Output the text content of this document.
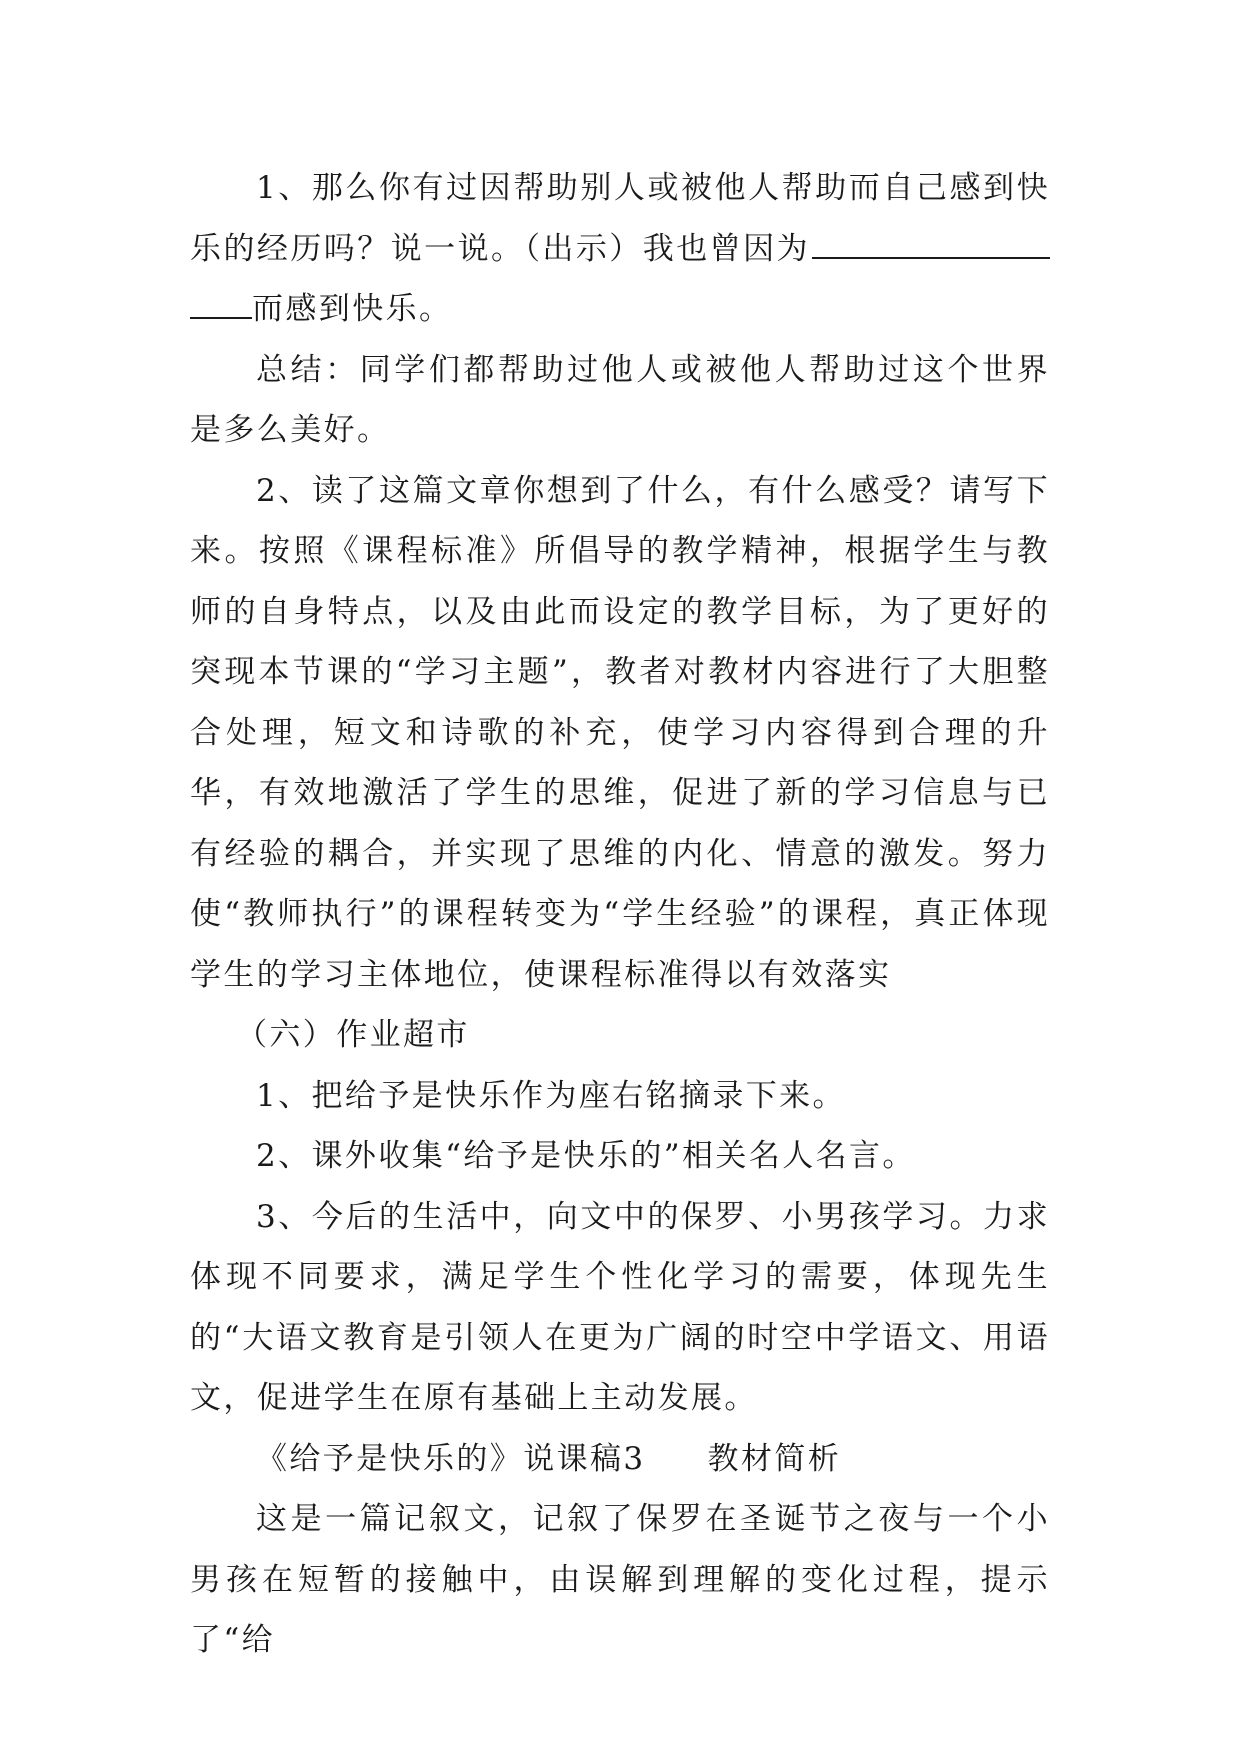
1、那么你有过因帮助别人或被他人帮助而自己感到快乐的经历吗？说一说。（出示）我也曾因为而感到快乐。

总结：同学们都帮助过他人或被他人帮助过这个世界是多么美好。

2、读了这篇文章你想到了什么，有什么感受？请写下来。按照《课程标准》所倡导的教学精神，根据学生与教师的自身特点，以及由此而设定的教学目标，为了更好的突现本节课的“学习主题”，教者对教材内容进行了大胆整合处理，短文和诗歌的补充，使学习内容得到合理的升华，有效地激活了学生的思维，促进了新的学习信息与已有经验的耦合，并实现了思维的内化、情意的激发。努力使“教师执行”的课程转变为“学生经验”的课程，真正体现学生的学习主体地位，使课程标准得以有效落实

（六）作业超市

1、把给予是快乐作为座右铭摘录下来。

2、课外收集“给予是快乐的”相关名人名言。

3、今后的生活中，向文中的保罗、小男孩学习。力求体现不同要求，满足学生个性化学习的需要，体现先生的“大语文教育是引领人在更为广阔的时空中学语文、用语文，促进学生在原有基础上主动发展。

《给予是快乐的》说课稿3 教材简析

这是一篇记叙文，记叙了保罗在圣诞节之夜与一个小男孩在短暂的接触中，由误解到理解的变化过程，提示了“给
